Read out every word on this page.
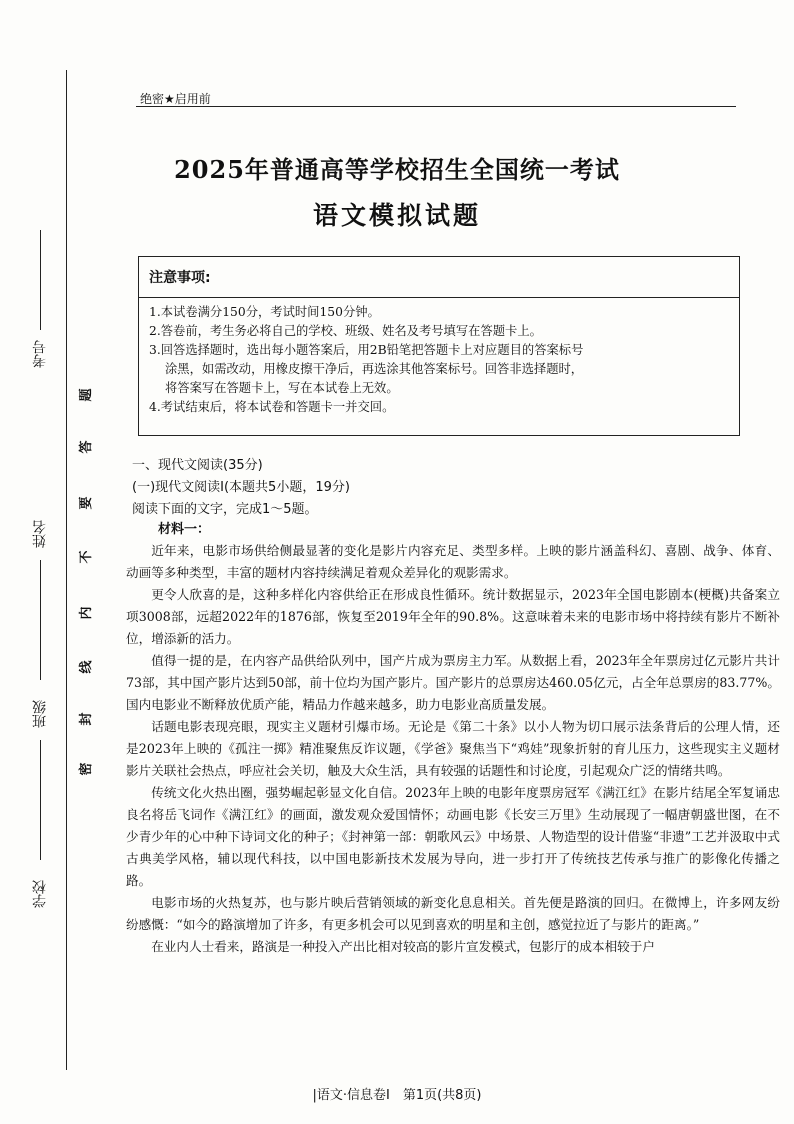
考号
姓名
班级
学校
题
答
要
不
内
线
封
密
绝密★启用前
2025年普通高等学校招生全国统一考试
语文模拟试题
注意事项:
1.本试卷满分150分，考试时间150分钟。
2.答卷前，考生务必将自己的学校、班级、姓名及考号填写在答题卡上。
3.回答选择题时，选出每小题答案后，用2B铅笔把答题卡上对应题目的答案标号
涂黑，如需改动，用橡皮擦干净后，再选涂其他答案标号。回答非选择题时，
将答案写在答题卡上，写在本试卷上无效。
4.考试结束后，将本试卷和答题卡一并交回。
一、现代文阅读(35分)
(一)现代文阅读Ⅰ(本题共5小题，19分)
阅读下面的文字，完成1～5题。
材料一：

近年来，电影市场供给侧最显著的变化是影片内容充足、类型多样。上映的影片涵盖科幻、喜剧、战争、体育、动画等多种类型，丰富的题材内容持续满足着观众差异化的观影需求。

更令人欣喜的是，这种多样化内容供给正在形成良性循环。统计数据显示，2023年全国电影剧本(梗概)共备案立项3008部，远超2022年的1876部，恢复至2019年全年的90.8%。这意味着未来的电影市场中将持续有影片不断补位，增添新的活力。

值得一提的是，在内容产品供给队列中，国产片成为票房主力军。从数据上看，2023年全年票房过亿元影片共计73部，其中国产影片达到50部，前十位均为国产影片。国产影片的总票房达460.05亿元，占全年总票房的83.77%。国内电影业不断释放优质产能，精品力作越来越多，助力电影业高质量发展。

话题电影表现亮眼，现实主义题材引爆市场。无论是《第二十条》以小人物为切口展示法条背后的公理人情，还是2023年上映的《孤注一掷》精准聚焦反诈议题，《学爸》聚焦当下“鸡娃”现象折射的育儿压力，这些现实主义题材影片关联社会热点，呼应社会关切，触及大众生活，具有较强的话题性和讨论度，引起观众广泛的情绪共鸣。

传统文化火热出圈，强势崛起彰显文化自信。2023年上映的电影年度票房冠军《满江红》在影片结尾全军复诵忠良名将岳飞词作《满江红》的画面，激发观众爱国情怀；动画电影《长安三万里》生动展现了一幅唐朝盛世图，在不少青少年的心中种下诗词文化的种子；《封神第一部：朝歌风云》中场景、人物造型的设计借鉴“非遗”工艺并汲取中式古典美学风格，辅以现代科技，以中国电影新技术发展为导向，进一步打开了传统技艺传承与推广的影像化传播之路。

电影市场的火热复苏，也与影片映后营销领域的新变化息息相关。首先便是路演的回归。在微博上，许多网友纷纷感慨：“如今的路演增加了许多，有更多机会可以见到喜欢的明星和主创，感觉拉近了与影片的距离。”

在业内人士看来，路演是一种投入产出比相对较高的影片宣发模式，包影厅的成本相较于户

|语文·信息卷Ⅰ　第1页(共8页)
